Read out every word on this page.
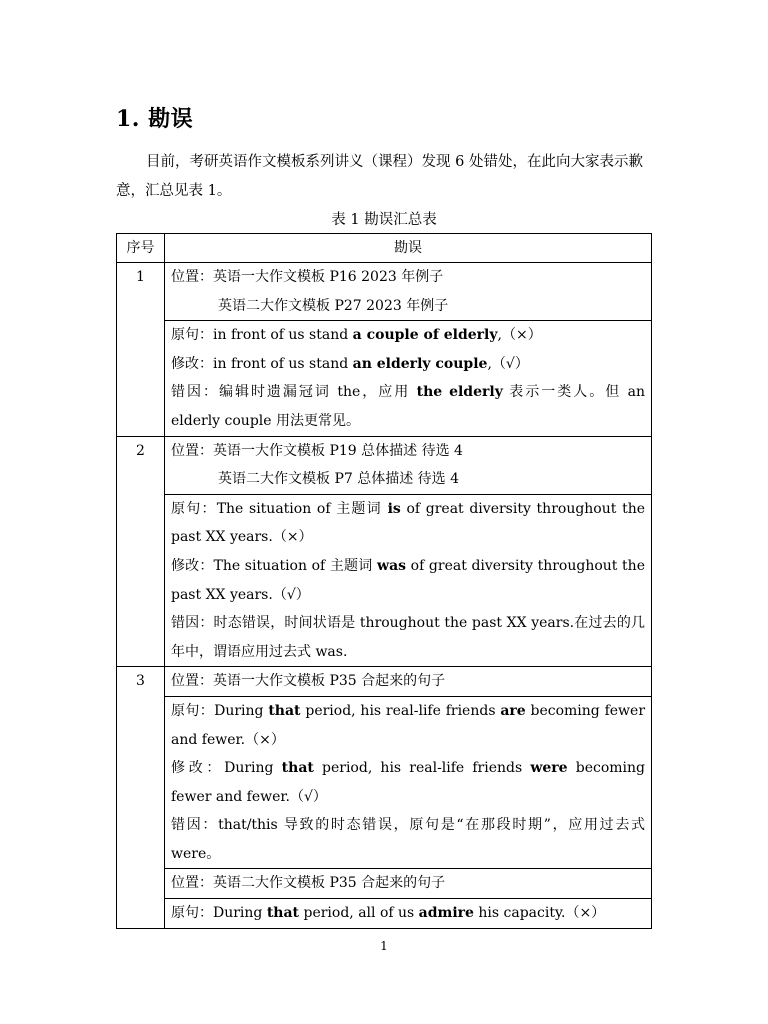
1. 勘误
目前，考研英语作文模板系列讲义（课程）发现 6 处错处，在此向大家表示歉意，汇总见表 1。
表 1 勘误汇总表
序号	勘误
1	位置：英语一大作文模板 P16 2023 年例子
英语二大作文模板 P27 2023 年例子

	原句：in front of us stand a couple of elderly,（×）
修改：in front of us stand an elderly couple,（√）
错因：编辑时遗漏冠词 the，应用 the elderly 表示一类人。但 an elderly couple 用法更常见。

2	位置：英语一大作文模板 P19 总体描述 待选 4
英语二大作文模板 P7 总体描述 待选 4

	原句：The situation of 主题词 is of great diversity throughout the past XX years.（×）
修改：The situation of 主题词 was of great diversity throughout the past XX years.（√）
错因：时态错误，时间状语是 throughout the past XX years.在过去的几年中，谓语应用过去式 was.

3	位置：英语一大作文模板 P35 合起来的句子

	原句：During that period, his real-life friends are becoming fewer and fewer.（×）
修改：During that period, his real-life friends were becoming fewer and fewer.（√）
错因：that/this 导致的时态错误，原句是“在那段时期”，应用过去式 were。

	位置：英语二大作文模板 P35 合起来的句子

	原句：During that period, all of us admire his capacity.（×）
1
